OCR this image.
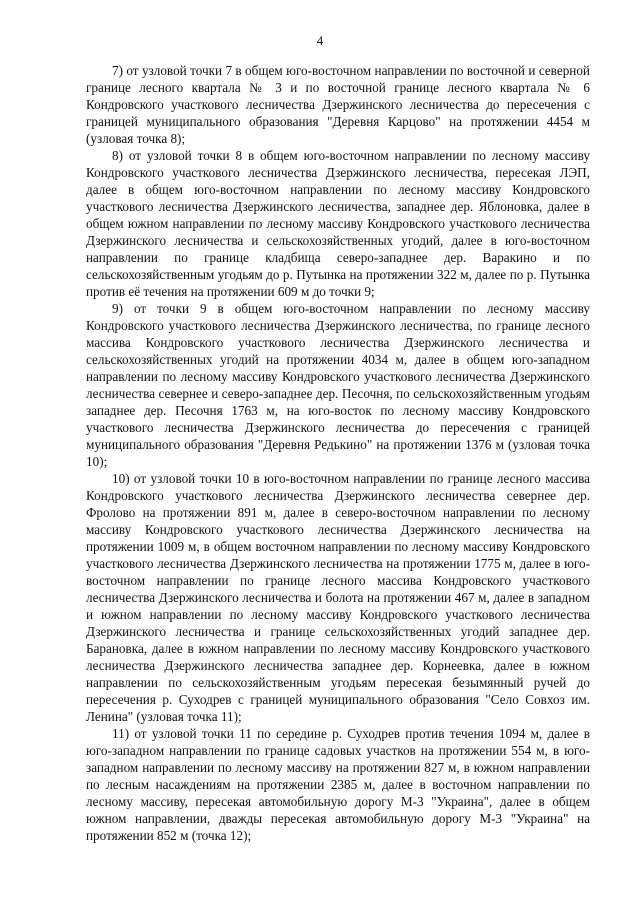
4

7) от узловой точки 7 в общем юго-восточном направлении по восточной и северной границе лесного квартала № 3 и по восточной границе лесного квартала № 6 Кондровского участкового лесничества Дзержинского лесничества до пересечения с границей муниципального образования "Деревня Карцово" на протяжении 4454 м (узловая точка 8);

8) от узловой точки 8 в общем юго-восточном направлении по лесному массиву Кондровского участкового лесничества Дзержинского лесничества, пересекая ЛЭП, далее в общем юго-восточном направлении по лесному массиву Кондровского участкового лесничества Дзержинского лесничества, западнее дер. Яблоновка, далее в общем южном направлении по лесному массиву Кондровского участкового лесничества Дзержинского лесничества и сельскохозяйственных угодий, далее в юго-восточном направлении по границе кладбища северо-западнее дер. Варакино и по сельскохозяйственным угодьям до р. Путынка на протяжении 322 м, далее по р. Путынка против её течения на протяжении 609 м до точки 9;

9) от точки 9 в общем юго-восточном направлении по лесному массиву Кондровского участкового лесничества Дзержинского лесничества, по границе лесного массива Кондровского участкового лесничества Дзержинского лесничества и сельскохозяйственных угодий на протяжении 4034 м, далее в общем юго-западном направлении по лесному массиву Кондровского участкового лесничества Дзержинского лесничества севернее и северо-западнее дер. Песочня, по сельскохозяйственным угодьям западнее дер. Песочня 1763 м, на юго-восток по лесному массиву Кондровского участкового лесничества Дзержинского лесничества до пересечения с границей муниципального образования "Деревня Редькино" на протяжении 1376 м (узловая точка 10);

10) от узловой точки 10 в юго-восточном направлении по границе лесного массива Кондровского участкового лесничества Дзержинского лесничества севернее дер. Фролово на протяжении 891 м, далее в северо-восточном направлении по лесному массиву Кондровского участкового лесничества Дзержинского лесничества на протяжении 1009 м, в общем восточном направлении по лесному массиву Кондровского участкового лесничества Дзержинского лесничества на протяжении 1775 м, далее в юго-восточном направлении по границе лесного массива Кондровского участкового лесничества Дзержинского лесничества и болота на протяжении 467 м, далее в западном и южном направлении по лесному массиву Кондровского участкового лесничества Дзержинского лесничества и границе сельскохозяйственных угодий западнее дер. Барановка, далее в южном направлении по лесному массиву Кондровского участкового лесничества Дзержинского лесничества западнее дер. Корнеевка, далее в южном направлении по сельскохозяйственным угодьям пересекая безымянный ручей до пересечения р. Суходрев с границей муниципального образования "Село Совхоз им. Ленина" (узловая точка 11);

11) от узловой точки 11 по середине р. Суходрев против течения 1094 м, далее в юго-западном направлении по границе садовых участков на протяжении 554 м, в юго-западном направлении по лесному массиву на протяжении 827 м, в южном направлении по лесным насаждениям на протяжении 2385 м, далее в восточном направлении по лесному массиву, пересекая автомобильную дорогу М-3 "Украина", далее в общем южном направлении, дважды пересекая автомобильную дорогу М-3 "Украина" на протяжении 852 м (точка 12);
